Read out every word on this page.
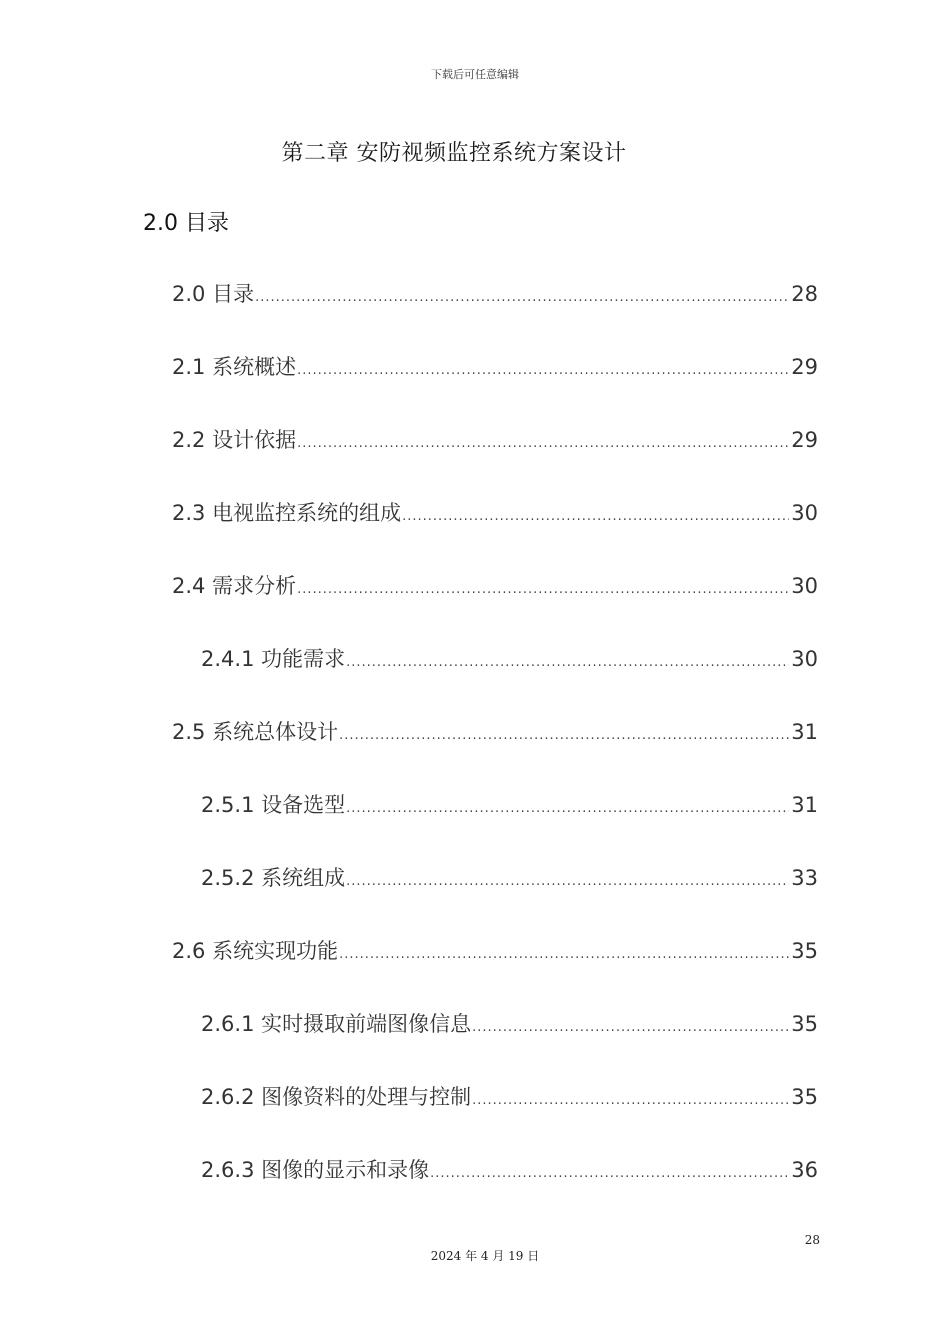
下载后可任意编辑
第二章 安防视频监控系统方案设计
2.0 目录
2.0 目录 .....	28
2.1 系统概述 .....	29
2.2 设计依据 .....	29
2.3 电视监控系统的组成 .....	30
2.4 需求分析 .....	30
2.4.1 功能需求 .....	30
2.5 系统总体设计 .....	31
2.5.1 设备选型 .....	31
2.5.2 系统组成 .....	33
2.6 系统实现功能 .....	35
2.6.1 实时摄取前端图像信息 .....	35
2.6.2 图像资料的处理与控制 .....	35
2.6.3 图像的显示和录像 .....	36
28
2024 年 4 月 19 日
